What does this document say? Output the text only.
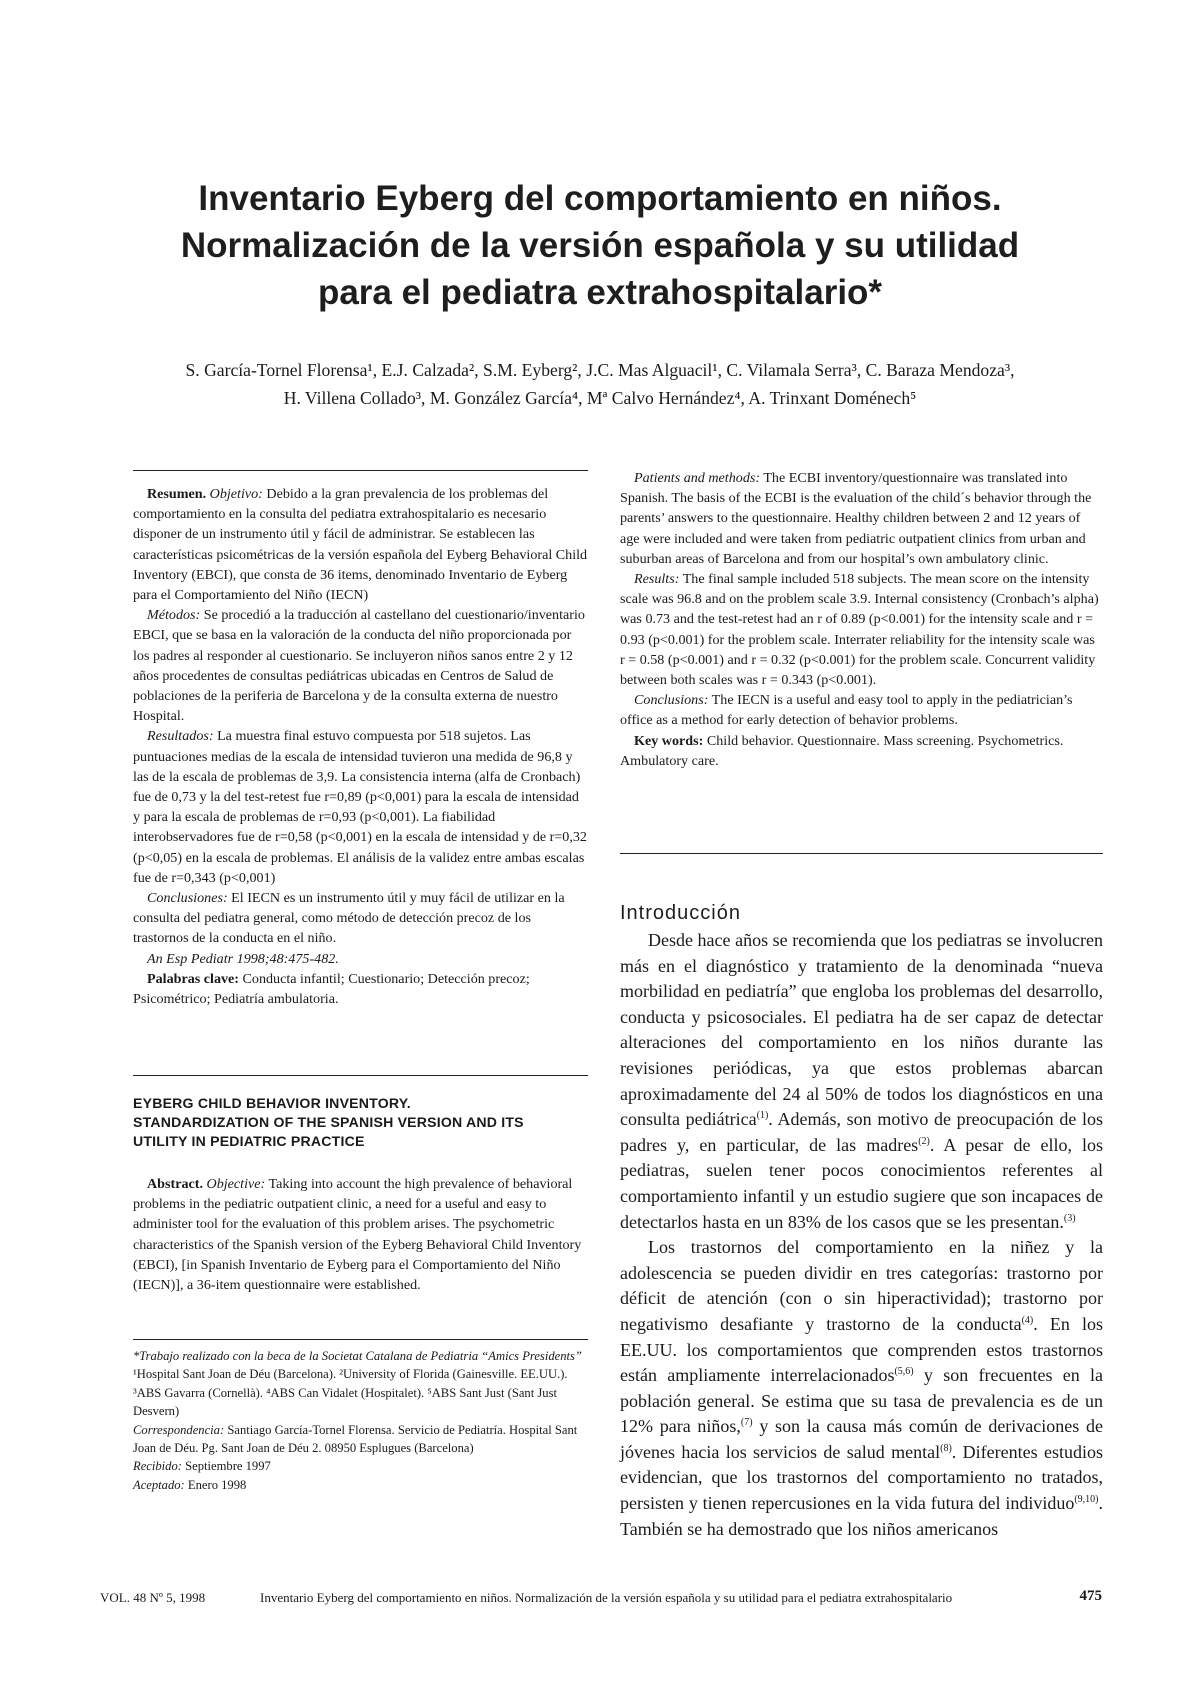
Inventario Eyberg del comportamiento en niños.
Normalización de la versión española y su utilidad
para el pediatra extrahospitalario*
S. García-Tornel Florensa¹, E.J. Calzada², S.M. Eyberg², J.C. Mas Alguacil¹, C. Vilamala Serra³, C. Baraza Mendoza³,
H. Villena Collado³, M. González García⁴, Mª Calvo Hernández⁴, A. Trinxant Doménech⁵

Resumen. Objetivo: Debido a la gran prevalencia de los problemas del comportamiento en la consulta del pediatra extrahospitalario es necesario disponer de un instrumento útil y fácil de administrar. Se establecen las características psicométricas de la versión española del Eyberg Behavioral Child Inventory (EBCI), que consta de 36 items, denominado Inventario de Eyberg para el Comportamiento del Niño (IECN)

Métodos: Se procedió a la traducción al castellano del cuestionario/inventario EBCI, que se basa en la valoración de la conducta del niño proporcionada por los padres al responder al cuestionario. Se incluyeron niños sanos entre 2 y 12 años procedentes de consultas pediátricas ubicadas en Centros de Salud de poblaciones de la periferia de Barcelona y de la consulta externa de nuestro Hospital.

Resultados: La muestra final estuvo compuesta por 518 sujetos. Las puntuaciones medias de la escala de intensidad tuvieron una medida de 96,8 y las de la escala de problemas de 3,9. La consistencia interna (alfa de Cronbach) fue de 0,73 y la del test-retest fue r=0,89 (p<0,001) para la escala de intensidad y para la escala de problemas de r=0,93 (p<0,001). La fiabilidad interobservadores fue de r=0,58 (p<0,001) en la escala de intensidad y de r=0,32 (p<0,05) en la escala de problemas. El análisis de la validez entre ambas escalas fue de r=0,343 (p<0,001)

Conclusiones: El IECN es un instrumento útil y muy fácil de utilizar en la consulta del pediatra general, como método de detección precoz de los trastornos de la conducta en el niño.

An Esp Pediatr 1998;48:475-482.

Palabras clave: Conducta infantil; Cuestionario; Detección precoz; Psicométrico; Pediatría ambulatoria.

EYBERG CHILD BEHAVIOR INVENTORY.
STANDARDIZATION OF THE SPANISH VERSION AND ITS
UTILITY IN PEDIATRIC PRACTICE

Abstract. Objective: Taking into account the high prevalence of behavioral problems in the pediatric outpatient clinic, a need for a useful and easy to administer tool for the evaluation of this problem arises. The psychometric characteristics of the Spanish version of the Eyberg Behavioral Child Inventory (EBCI), [in Spanish Inventario de Eyberg para el Comportamiento del Niño (IECN)], a 36-item questionnaire were established.

*Trabajo realizado con la beca de la Societat Catalana de Pediatria “Amics Presidents”

¹Hospital Sant Joan de Déu (Barcelona). ²University of Florida (Gainesville. EE.UU.). ³ABS Gavarra (Cornellà). ⁴ABS Can Vidalet (Hospitalet). ⁵ABS Sant Just (Sant Just Desvern)

Correspondencia: Santiago García-Tornel Florensa. Servicio de Pediatría. Hospital Sant Joan de Déu. Pg. Sant Joan de Déu 2. 08950 Esplugues (Barcelona)

Recibido: Septiembre 1997

Aceptado: Enero 1998

Patients and methods: The ECBI inventory/questionnaire was translated into Spanish. The basis of the ECBI is the evaluation of the child´s behavior through the parents’ answers to the questionnaire. Healthy children between 2 and 12 years of age were included and were taken from pediatric outpatient clinics from urban and suburban areas of Barcelona and from our hospital’s own ambulatory clinic.

Results: The final sample included 518 subjects. The mean score on the intensity scale was 96.8 and on the problem scale 3.9. Internal consistency (Cronbach’s alpha) was 0.73 and the test-retest had an r of 0.89 (p<0.001) for the intensity scale and r = 0.93 (p<0.001) for the problem scale. Interrater reliability for the intensity scale was r = 0.58 (p<0.001) and r = 0.32 (p<0.001) for the problem scale. Concurrent validity between both scales was r = 0.343 (p<0.001).

Conclusions: The IECN is a useful and easy tool to apply in the pediatrician’s office as a method for early detection of behavior problems.

Key words: Child behavior. Questionnaire. Mass screening. Psychometrics. Ambulatory care.

Introducción

Desde hace años se recomienda que los pediatras se involucren más en el diagnóstico y tratamiento de la denominada “nueva morbilidad en pediatría” que engloba los problemas del desarrollo, conducta y psicosociales. El pediatra ha de ser capaz de detectar alteraciones del comportamiento en los niños durante las revisiones periódicas, ya que estos problemas abarcan aproximadamente del 24 al 50% de todos los diagnósticos en una consulta pediátrica$^{(1)}$. Además, son motivo de preocupación de los padres y, en particular, de las madres$^{(2)}$. A pesar de ello, los pediatras, suelen tener pocos conocimientos referentes al comportamiento infantil y un estudio sugiere que son incapaces de detectarlos hasta en un 83% de los casos que se les presentan.$^{(3)}$

Los trastornos del comportamiento en la niñez y la adolescencia se pueden dividir en tres categorías: trastorno por déficit de atención (con o sin hiperactividad); trastorno por negativismo desafiante y trastorno de la conducta$^{(4)}$. En los EE.UU. los comportamientos que comprenden estos trastornos están ampliamente interrelacionados$^{(5,6)}$ y son frecuentes en la población general. Se estima que su tasa de prevalencia es de un 12% para niños,$^{(7)}$ y son la causa más común de derivaciones de jóvenes hacia los servicios de salud mental$^{(8)}$. Diferentes estudios evidencian, que los trastornos del comportamiento no tratados, persisten y tienen repercusiones en la vida futura del individuo$^{(9,10)}$. También se ha demostrado que los niños americanos

VOL. 48 Nº 5, 1998	Inventario Eyberg del comportamiento en niños. Normalización de la versión española y su utilidad para el pediatra extrahospitalario	475
